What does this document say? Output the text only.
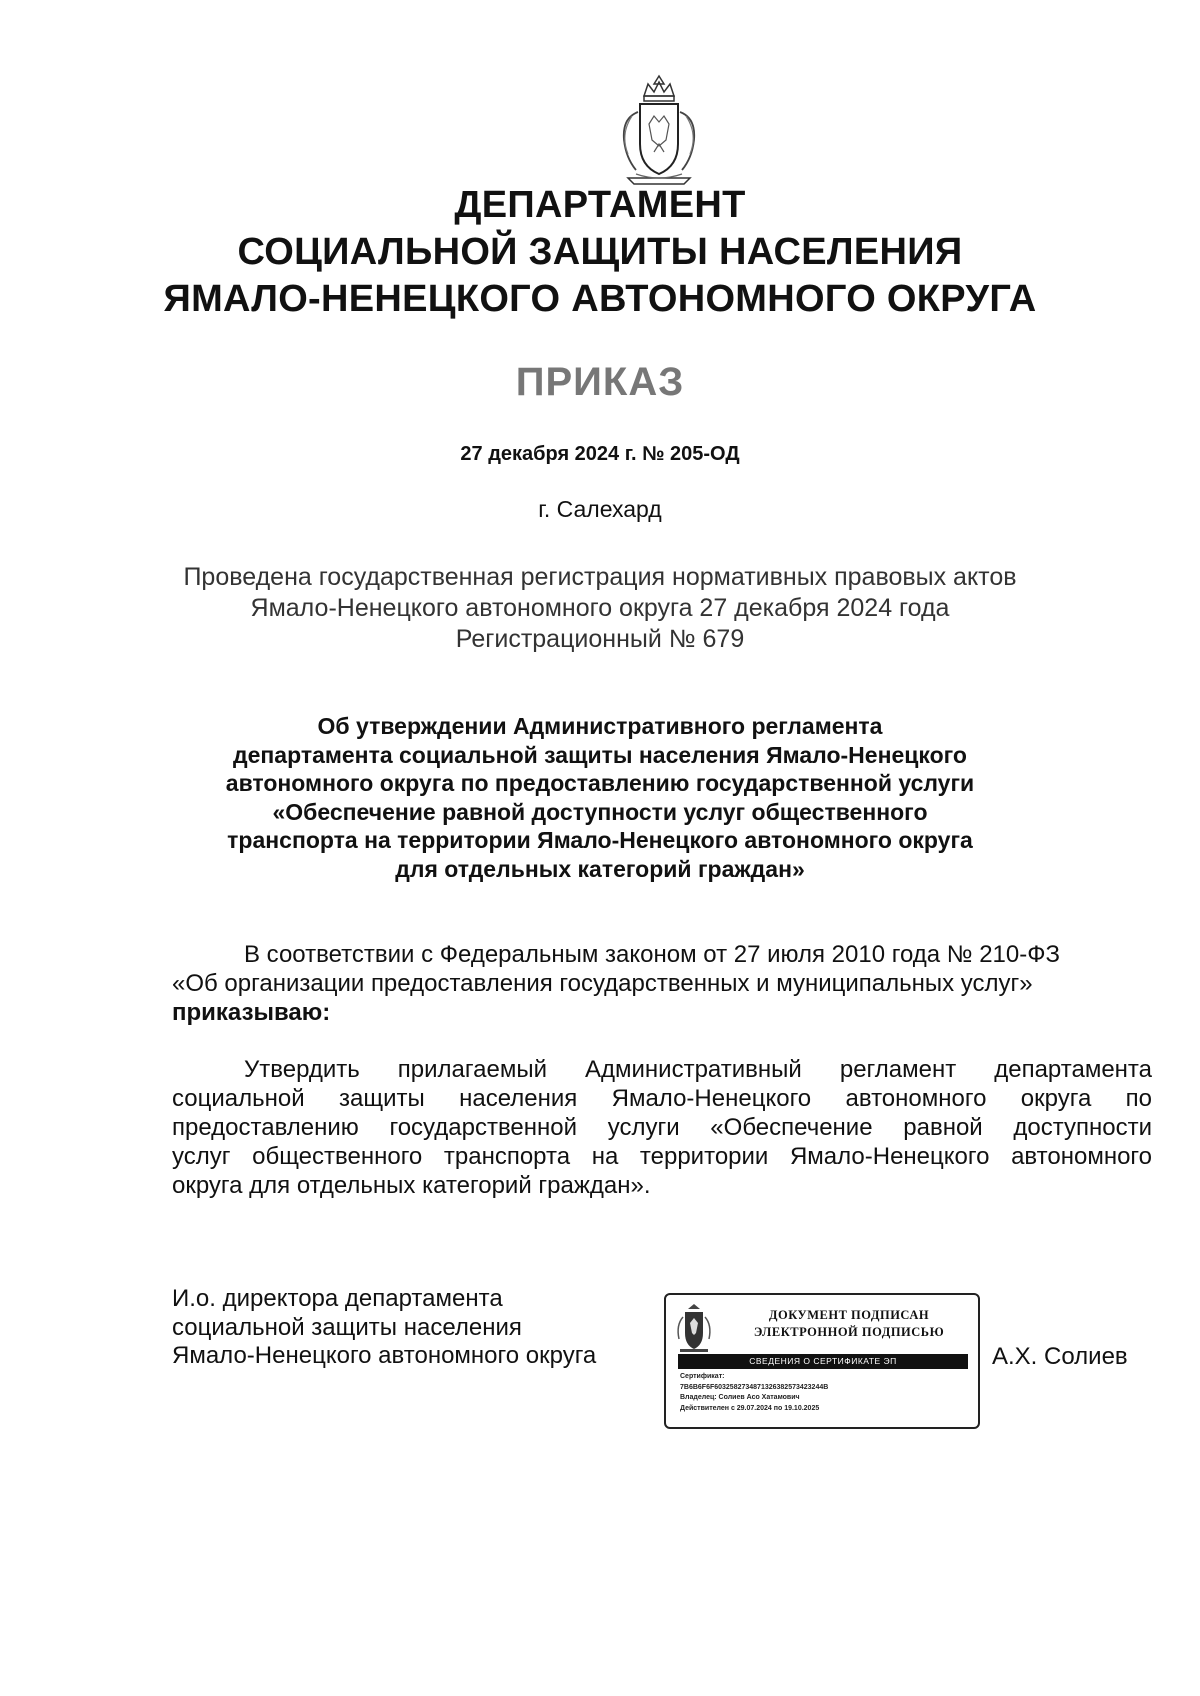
ДЕПАРТАМЕНТ
СОЦИАЛЬНОЙ ЗАЩИТЫ НАСЕЛЕНИЯ
ЯМАЛО-НЕНЕЦКОГО АВТОНОМНОГО ОКРУГА
ПРИКАЗ
27 декабря 2024 г. № 205-ОД
г. Салехард
Проведена государственная регистрация нормативных правовых актов
Ямало-Ненецкого автономного округа 27 декабря 2024 года
Регистрационный № 679
Об утверждении Административного регламента
департамента социальной защиты населения Ямало-Ненецкого
автономного округа по предоставлению государственной услуги
«Обеспечение равной доступности услуг общественного
транспорта на территории Ямало-Ненецкого автономного округа
для отдельных категорий граждан»
В соответствии с Федеральным законом от 27 июля 2010 года № 210-ФЗ
«Об организации предоставления государственных и муниципальных услуг»
приказываю:
Утвердить прилагаемый Административный регламент департамента
социальной защиты населения Ямало-Ненецкого автономного округа по
предоставлению государственной услуги «Обеспечение равной доступности
услуг общественного транспорта на территории Ямало-Ненецкого автономного
округа для отдельных категорий граждан».
И.о. директора департамента
социальной защиты населения
Ямало-Ненецкого автономного округа
ДОКУМЕНТ ПОДПИСАН
ЭЛЕКТРОННОЙ ПОДПИСЬЮ
СВЕДЕНИЯ О СЕРТИФИКАТЕ ЭП
Сертификат:
7B6B6F6F6032582734871326382573423244B
Владелец: Солиев Асо Хатамович
Действителен с 29.07.2024 по 19.10.2025
А.Х. Солиев
